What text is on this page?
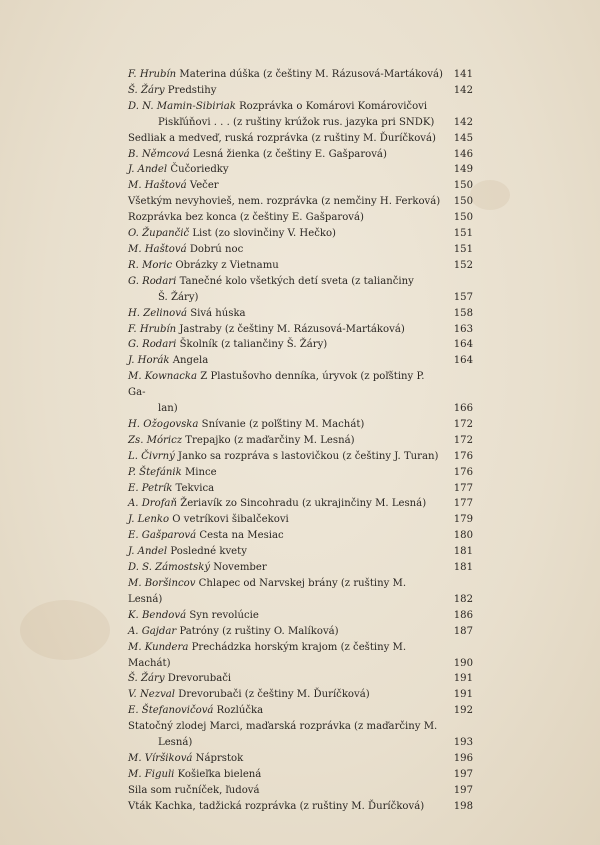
F. Hrubín Materina dúška (z češtiny M. Rázusová-Martáková)	141
Š. Žáry Predstihy	142
D. N. Mamin-Sibiriak Rozprávka o Komárovi Komárovičovi
Piskľúňovi . . . (z ruštiny krúžok rus. jazyka pri SNDK)	142
Sedliak a medveď, ruská rozprávka (z ruštiny M. Ďuríčková)	145
B. Němcová Lesná žienka (z češtiny E. Gašparová)	146
J. Andel Čučoriedky	149
M. Haštová Večer	150
Všetkým nevyhovieš, nem. rozprávka (z nemčiny H. Ferková)	150
Rozprávka bez konca (z češtiny E. Gašparová)	150
O. Župančič List (zo slovinčiny V. Hečko)	151
M. Haštová Dobrú noc	151
R. Moric Obrázky z Vietnamu	152
G. Rodari Tanečné kolo všetkých detí sveta (z taliančiny
Š. Žáry)	157
H. Zelinová Sivá húska	158
F. Hrubín Jastraby (z češtiny M. Rázusová-Martáková)	163
G. Rodari Školník (z taliančiny Š. Žáry)	164
J. Horák Angela	164
M. Kownacka Z Plastušovho denníka, úryvok (z poľštiny P. Ga-
lan)	166
H. Ožogovska Snívanie (z poľštiny M. Machát)	172
Zs. Móricz Trepajko (z maďarčiny M. Lesná)	172
L. Čivrný Janko sa rozpráva s lastovičkou (z češtiny J. Turan)	176
P. Štefánik Mince	176
E. Petrík Tekvica	177
A. Drofaň Žeriavík zo Sincohradu (z ukrajinčiny M. Lesná)	177
J. Lenko O vetríkovi šibalčekovi	179
E. Gašparová Cesta na Mesiac	180
J. Andel Posledné kvety	181
D. S. Zámostský November	181
M. Boršincov Chlapec od Narvskej brány (z ruštiny M. Lesná)	182
K. Bendová Syn revolúcie	186
A. Gajdar Patróny (z ruštiny O. Malíková)	187
M. Kundera Prechádzka horským krajom (z češtiny M. Machát)	190
Š. Žáry Drevorubači	191
V. Nezval Drevorubači (z češtiny M. Ďuríčková)	191
E. Štefanovičová Rozlúčka	192
Statočný zlodej Marci, maďarská rozprávka (z maďarčiny M.
Lesná)	193
M. Víršiková Náprstok	196
M. Figuli Košieľka bielená	197
Sila som ručníček, ľudová	197
Vták Kachka, tadžická rozprávka (z ruštiny M. Ďuríčková)	198
